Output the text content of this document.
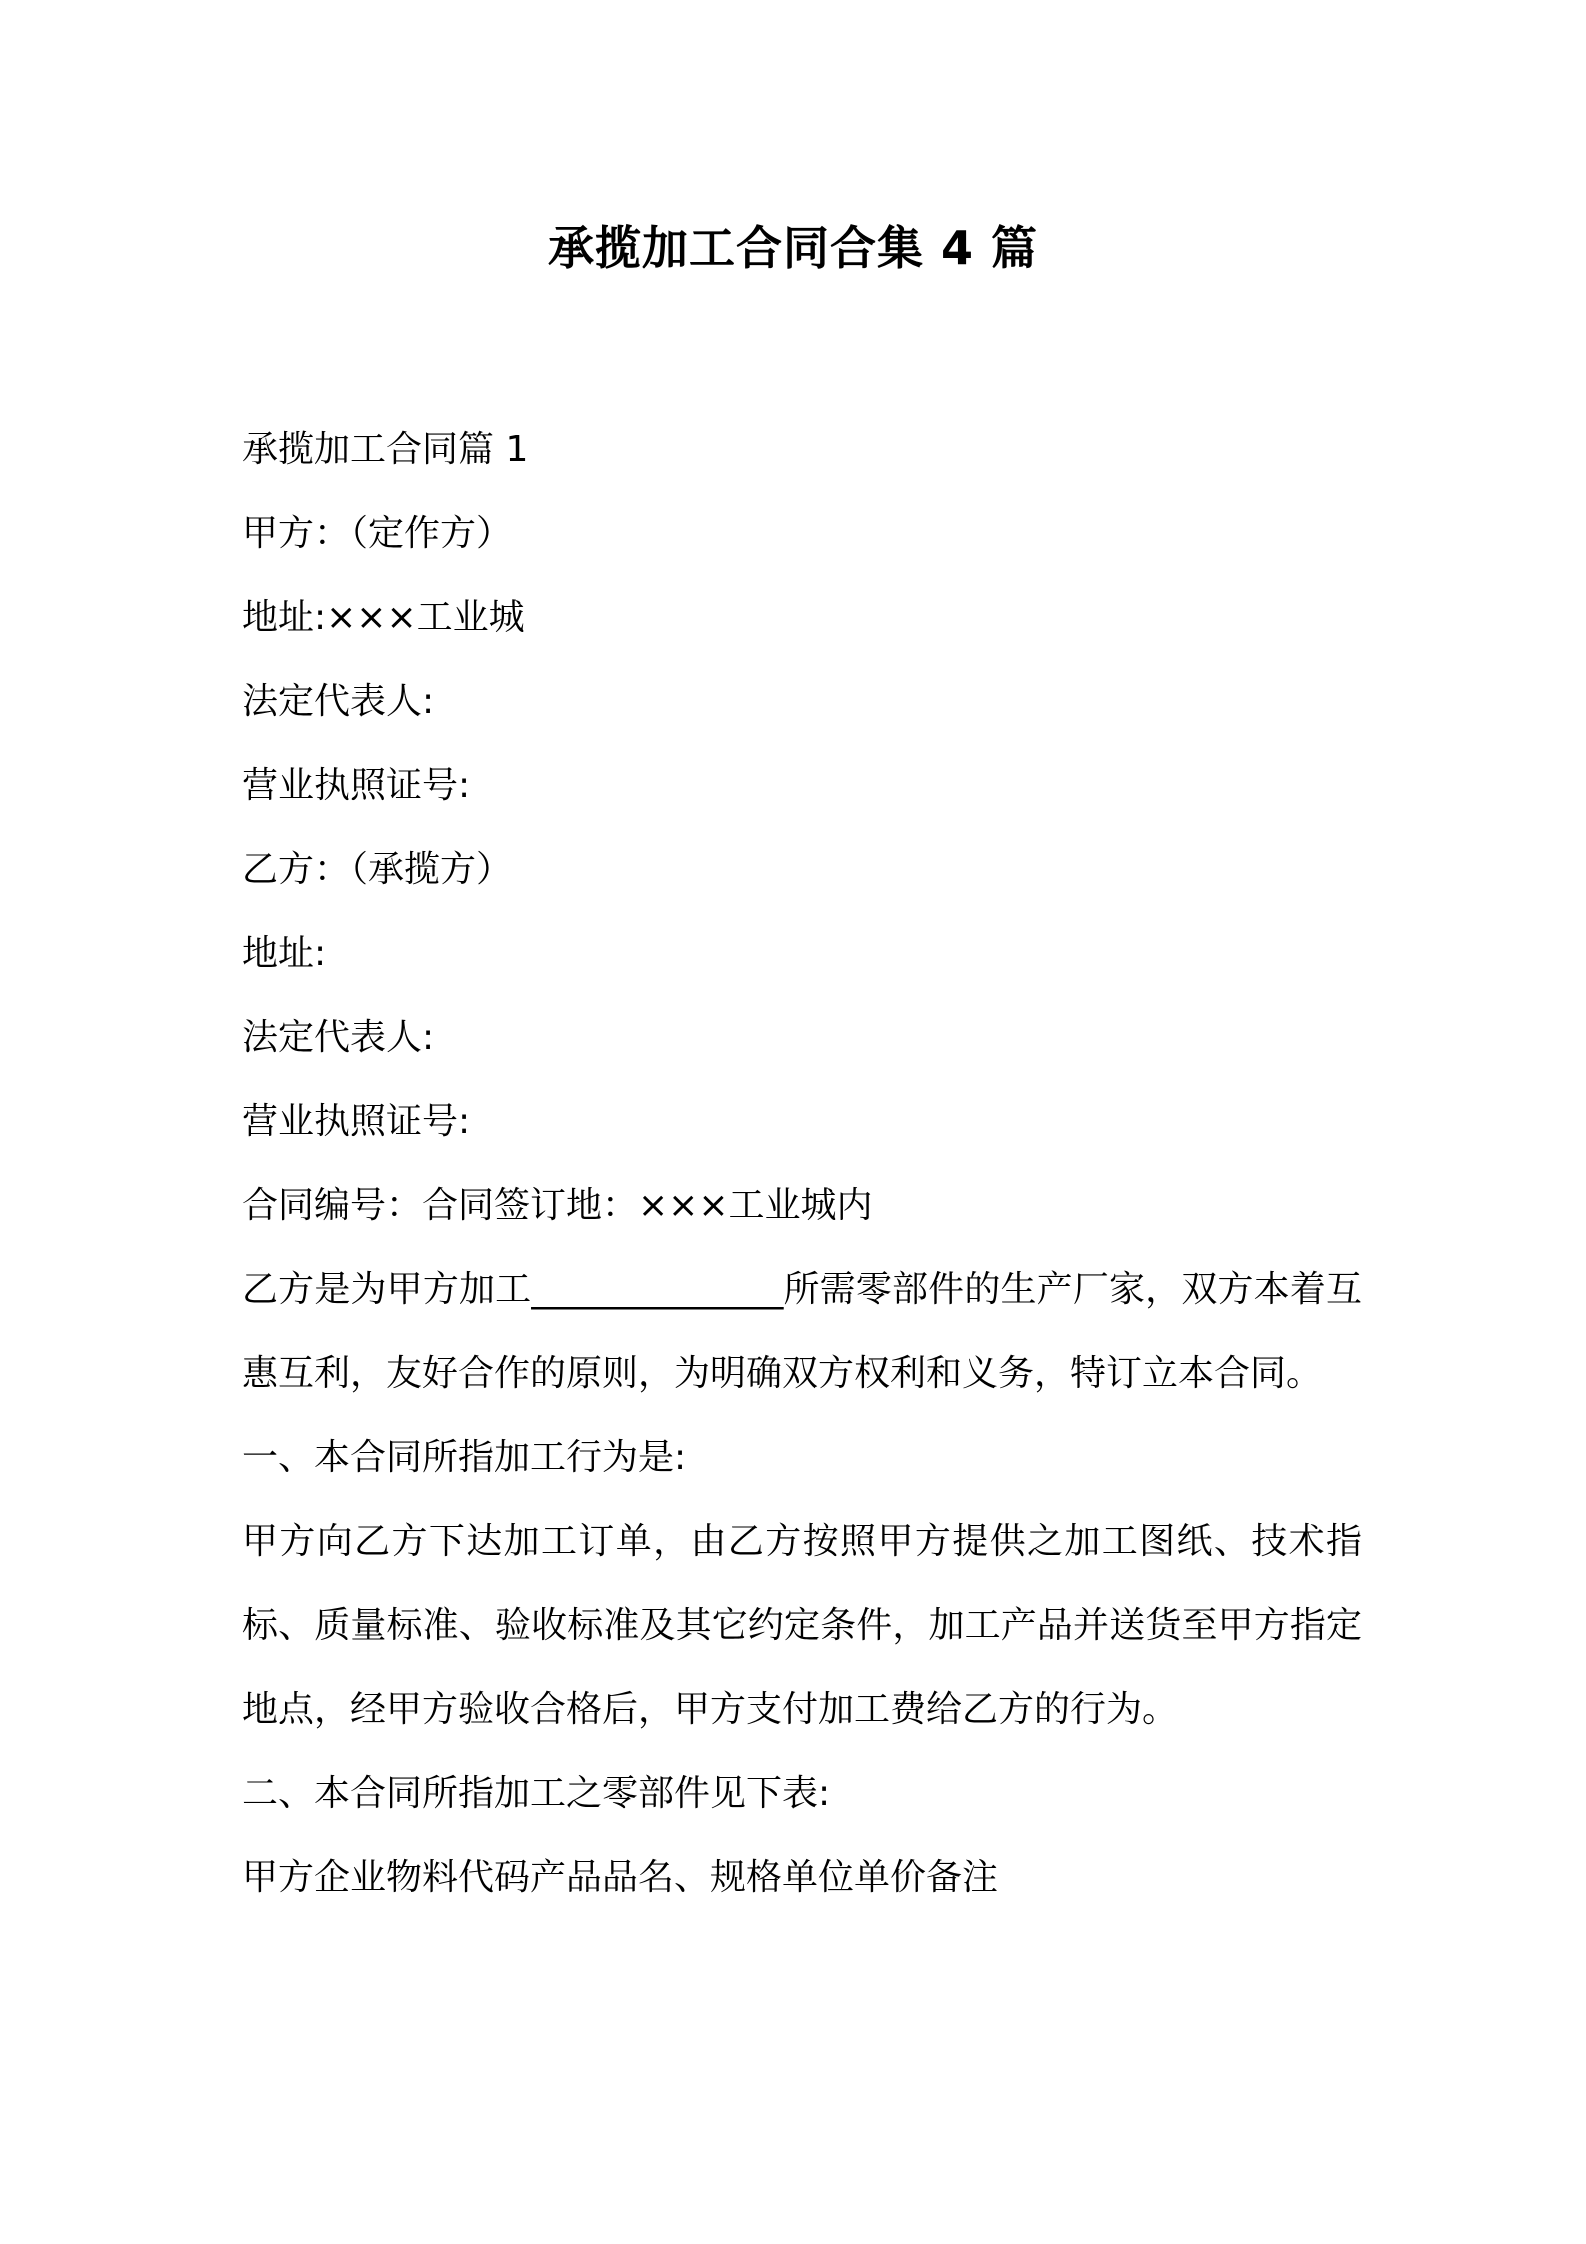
承揽加工合同合集 4 篇
承揽加工合同篇 1
甲方：（定作方）
地址:×××工业城
法定代表人:
营业执照证号:
乙方：（承揽方）
地址:
法定代表人:
营业执照证号:
合同编号：合同签订地：×××工业城内
乙方是为甲方加工______________所需零部件的生产厂家，双方本着互惠互利，友好合作的原则，为明确双方权利和义务，特订立本合同。
一、本合同所指加工行为是:
甲方向乙方下达加工订单，由乙方按照甲方提供之加工图纸、技术指标、质量标准、验收标准及其它约定条件，加工产品并送货至甲方指定地点，经甲方验收合格后，甲方支付加工费给乙方的行为。
二、本合同所指加工之零部件见下表:
甲方企业物料代码产品品名、规格单位单价备注
